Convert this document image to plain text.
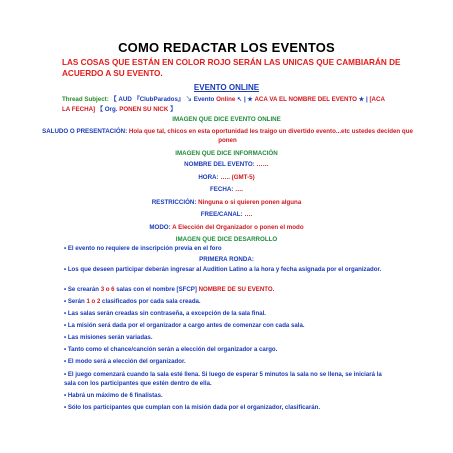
COMO REDACTAR LOS EVENTOS
LAS COSAS QUE ESTÁN EN COLOR ROJO SERÁN LAS UNICAS QUE CAMBIARÁN DE ACUERDO A SU EVENTO.
EVENTO ONLINE
Thread Subject: 【 AUD 『ClubParados』 ↘ Evento Online ↖ | ★ ACA VA EL NOMBRE DEL EVENTO ★ | [ACA LA FECHA] 【 Org. PONEN SU NICK 】
IMAGEN QUE DICE EVENTO ONLINE
SALUDO O PRESENTACIÓN: Hola que tal, chicos en esta oportunidad les traigo un divertido evento...etc ustedes deciden que ponen
IMAGEN QUE DICE INFORMACIÓN
NOMBRE DEL EVENTO: ……
HORA: ….. (GMT-5)
FECHA: ….
RESTRICCIÓN: Ninguna o si quieren ponen alguna
FREE/CANAL: ….
MODO: A Elección del Organizador o ponen el modo
IMAGEN QUE DICE DESARROLLO
• El evento no requiere de inscripción previa en el foro
PRIMERA RONDA:
• Los que deseen participar deberán ingresar al Audition Latino a la hora y fecha asignada por el organizador.
• Se crearán 3 o 6 salas con el nombre [SFCP] NOMBRE DE SU EVENTO.
• Serán 1 o 2 clasificados por cada sala creada.
• Las salas serán creadas sin contraseña, a excepción de la sala final.
• La misión será dada por el organizador a cargo antes de comenzar con cada sala.
• Las misiones serán variadas.
• Tanto como el chance/canción serán a elección del organizador a cargo.
• El modo será a elección del organizador.
• El juego comenzará cuando la sala esté llena. Si luego de esperar 5 minutos la sala no se llena, se iniciará la sala con los participantes que estén dentro de ella.
• Habrá un máximo de 6 finalistas.
• Sólo los participantes que cumplan con la misión dada por el organizador, clasificarán.
